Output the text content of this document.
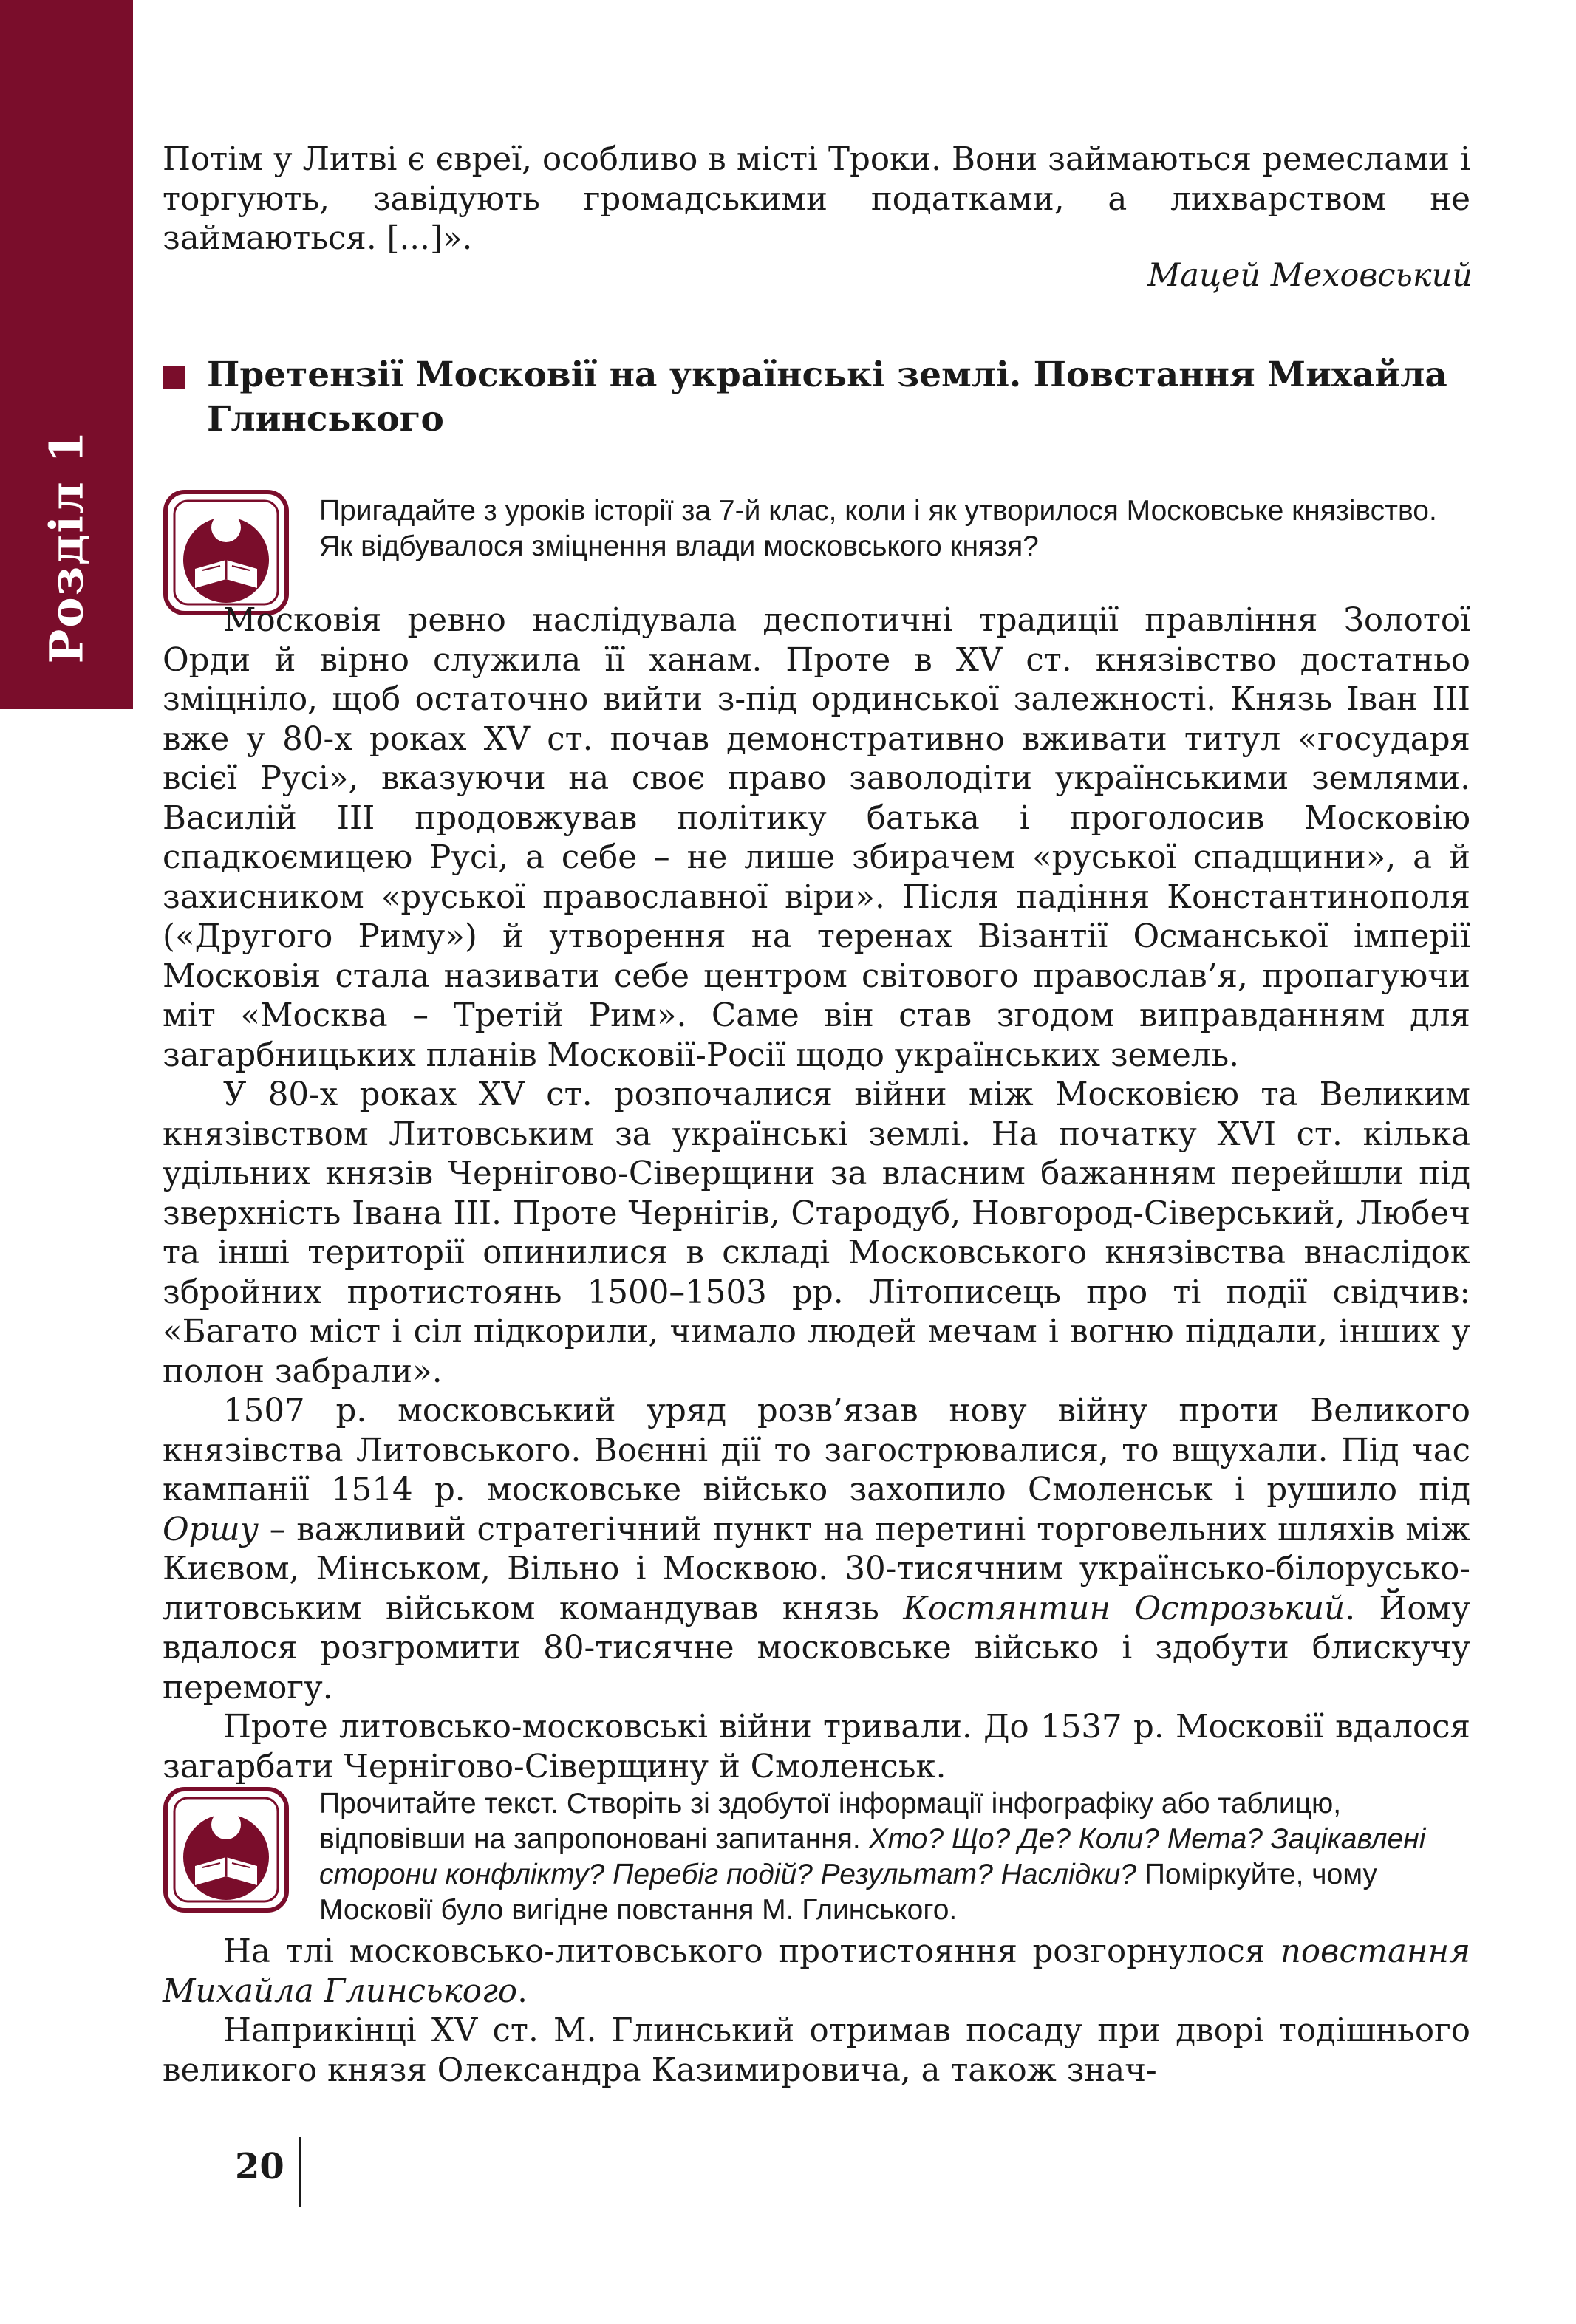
Розділ 1

Потім у Литві є євреї, особливо в місті Троки. Вони займаються ремеслами і торгують, завідують громадськими податками, а лихварством не займаються. [...]».

Мацей Меховський
Претензії Московії на українські землі. Повстання Михайла Глинського
Пригадайте з уроків історії за 7-й клас, коли і як утворилося Московське князівство. Як відбувалося зміцнення влади московського князя?

Московія ревно наслідувала деспотичні традиції правління Золотої Орди й вірно служила її ханам. Проте в XV ст. князівство достатньо зміцніло, щоб остаточно вийти з-під ординської залежності. Князь Іван ІІІ вже у 80-х роках XV ст. почав демонстративно вживати титул «государя всієї Русі», вказуючи на своє право заволодіти українськими землями. Василій ІІІ продовжував політику батька і проголосив Московію спадкоємицею Русі, а себе – не лише збирачем «руської спадщини», а й захисником «руської православної віри». Після падіння Константинополя («Другого Риму») й утворення на теренах Візантії Османської імперії Московія стала називати себе центром світового православ’я, пропагуючи міт «Москва – Третій Рим». Саме він став згодом виправданням для загарбницьких планів Московії-Росії щодо українських земель.

У 80-х роках XV ст. розпочалися війни між Московією та Великим князівством Литовським за українські землі. На початку XVI ст. кілька удільних князів Чернігово-Сіверщини за власним бажанням перейшли під зверхність Івана ІІІ. Проте Чернігів, Стародуб, Новгород-Сіверський, Любеч та інші території опинилися в складі Московського князівства внаслідок збройних протистоянь 1500–1503 рр. Літописець про ті події свідчив: «Багато міст і сіл підкорили, чимало людей мечам і вогню піддали, інших у полон забрали».

1507 р. московський уряд розв’язав нову війну проти Великого князівства Литовського. Воєнні дії то загострювалися, то вщухали. Під час кампанії 1514 р. московське військо захопило Смоленськ і рушило під Оршу – важливий стратегічний пункт на перетині торговельних шляхів між Києвом, Мінськом, Вільно і Москвою. 30-тисячним українсько-білорусько-литовським військом командував князь Костянтин Острозький. Йому вдалося розгромити 80-тисячне московське військо і здобути блискучу перемогу.

Проте литовсько-московські війни тривали. До 1537 р. Московії вдалося загарбати Чернігово-Сіверщину й Смоленськ.

Прочитайте текст. Створіть зі здобутої інформації інфографіку або таблицю, відповівши на запропоновані запитання. Хто? Що? Де? Коли? Мета? Зацікавлені сторони конфлікту? Перебіг подій? Результат? Наслідки? Поміркуйте, чому Московії було вигідне повстання М. Глинського.

На тлі московсько-литовського протистояння розгорнулося повстання Михайла Глинського.

Наприкінці XV ст. М. Глинський отримав посаду при дворі тодішнього великого князя Олександра Казимировича, а також знач-

20
